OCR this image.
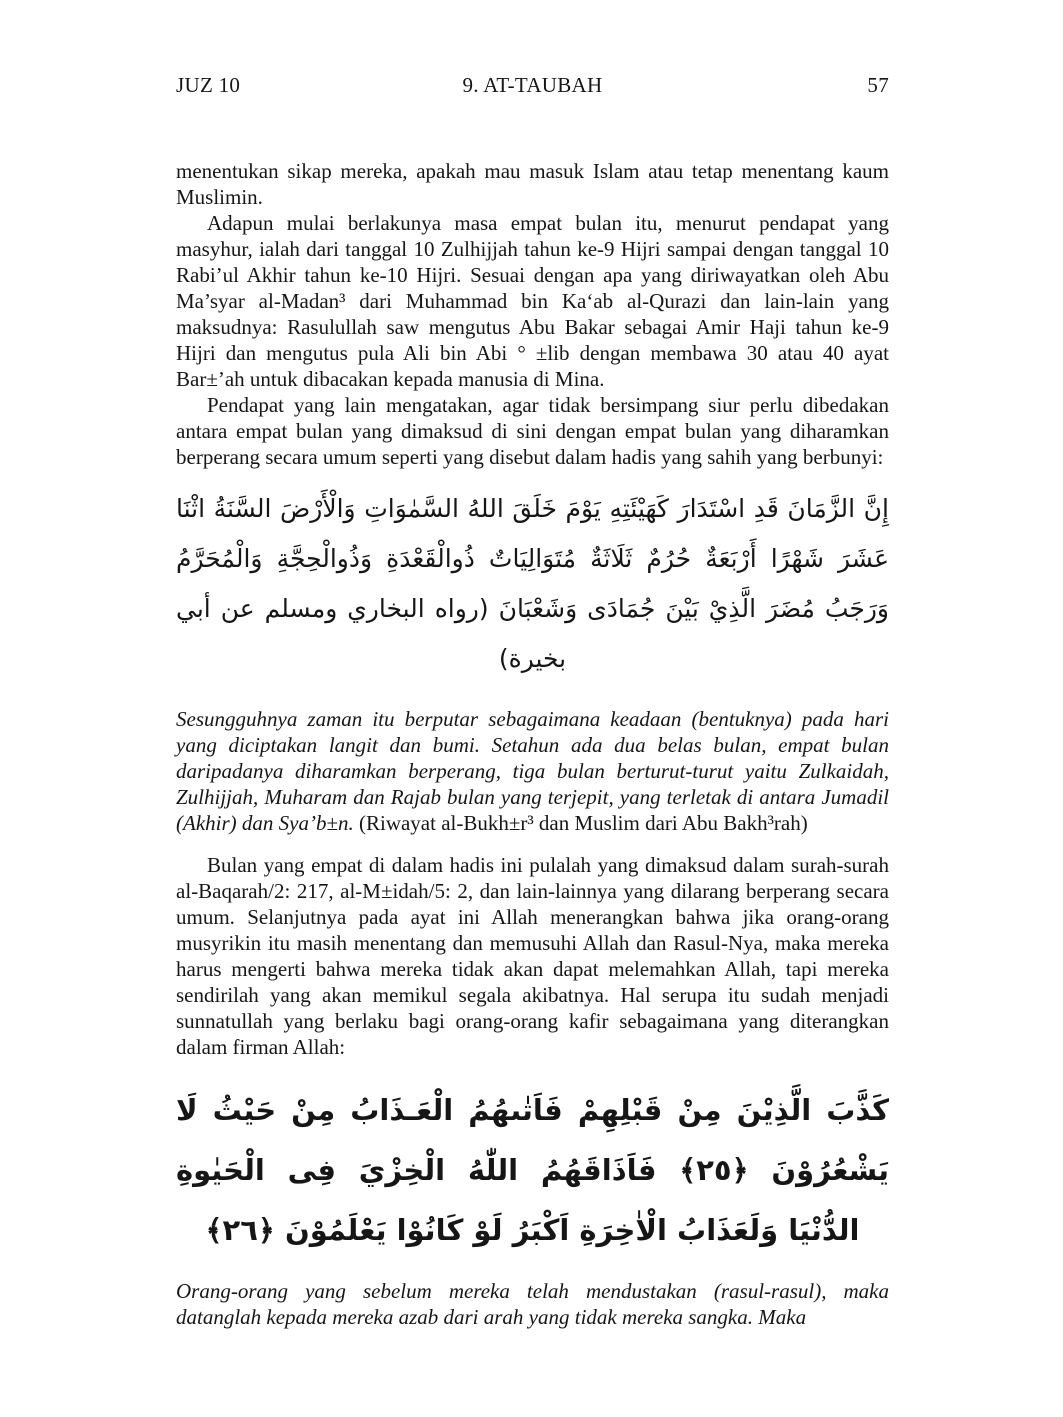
JUZ 10	9. AT-TAUBAH	57

menentukan sikap mereka, apakah mau masuk Islam atau tetap menentang kaum Muslimin.

Adapun mulai berlakunya masa empat bulan itu, menurut pendapat yang masyhur, ialah dari tanggal 10 Zulhijjah tahun ke-9 Hijri sampai dengan tanggal 10 Rabi’ul Akhir tahun ke-10 Hijri. Sesuai dengan apa yang diriwayatkan oleh Abu Ma’syar al-Madan³ dari Muhammad bin Ka‘ab al-Qurazi dan lain-lain yang maksudnya: Rasulullah saw mengutus Abu Bakar sebagai Amir Haji tahun ke-9 Hijri dan mengutus pula Ali bin Abi ° ±lib dengan membawa 30 atau 40 ayat Bar±’ah untuk dibacakan kepada manusia di Mina.

Pendapat yang lain mengatakan, agar tidak bersimpang siur perlu dibedakan antara empat bulan yang dimaksud di sini dengan empat bulan yang diharamkan berperang secara umum seperti yang disebut dalam hadis yang sahih yang berbunyi:

إِنَّ الزَّمَانَ قَدِ اسْتَدَارَ كَهَيْئَتِهِ يَوْمَ خَلَقَ اللهُ السَّمٰوَاتِ وَالْأَرْضَ السَّنَةُ اثْنَا عَشَرَ شَهْرًا أَرْبَعَةٌ حُرُمٌ ثَلَاثَةٌ مُتَوَالِيَاتٌ ذُوالْقَعْدَةِ وَذُوالْحِجَّةِ وَالْمُحَرَّمُ وَرَجَبُ مُضَرَ الَّذِيْ بَيْنَ جُمَادَى وَشَعْبَانَ (رواه البخاري ومسلم عن أبي بخيرة)

Sesungguhnya zaman itu berputar sebagaimana keadaan (bentuknya) pada hari yang diciptakan langit dan bumi. Setahun ada dua belas bulan, empat bulan daripadanya diharamkan berperang, tiga bulan berturut-turut yaitu Zulkaidah, Zulhijjah, Muharam dan Rajab bulan yang terjepit, yang terletak di antara Jumadil (Akhir) dan Sya’b±n. (Riwayat al-Bukh±r³ dan Muslim dari Abu Bakh³rah)

Bulan yang empat di dalam hadis ini pulalah yang dimaksud dalam surah-surah al-Baqarah/2: 217, al-M±idah/5: 2, dan lain-lainnya yang dilarang berperang secara umum. Selanjutnya pada ayat ini Allah menerangkan bahwa jika orang-orang musyrikin itu masih menentang dan memusuhi Allah dan Rasul-Nya, maka mereka harus mengerti bahwa mereka tidak akan dapat melemahkan Allah, tapi mereka sendirilah yang akan memikul segala akibatnya. Hal serupa itu sudah menjadi sunnatullah yang berlaku bagi orang-orang kafir sebagaimana yang diterangkan dalam firman Allah:

كَذَّبَ الَّذِيْنَ مِنْ قَبْلِهِمْ فَاَتٰىهُمُ الْعَـذَابُ مِنْ حَيْثُ لَا يَشْعُرُوْنَ ﴿٢٥﴾ فَاَذَاقَهُمُ اللّٰهُ الْخِزْيَ فِى الْحَيٰوةِ الدُّنْيَا وَلَعَذَابُ الْاٰخِرَةِ اَكْبَرُ لَوْ كَانُوْا يَعْلَمُوْنَ ﴿٢٦﴾

Orang-orang yang sebelum mereka telah mendustakan (rasul-rasul), maka datanglah kepada mereka azab dari arah yang tidak mereka sangka. Maka
